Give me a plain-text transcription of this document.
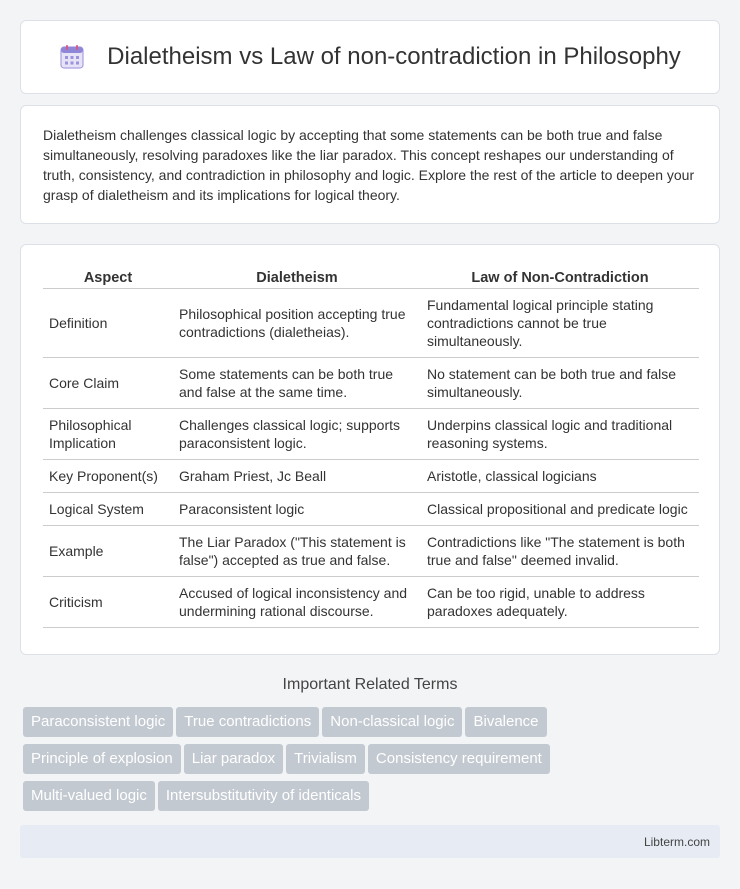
Dialetheism vs Law of non-contradiction in Philosophy

Dialetheism challenges classical logic by accepting that some statements can be both true and false simultaneously, resolving paradoxes like the liar paradox. This concept reshapes our understanding of truth, consistency, and contradiction in philosophy and logic. Explore the rest of the article to deepen your grasp of dialetheism and its implications for logical theory.

Aspect	Dialetheism	Law of Non-Contradiction
Definition	Philosophical position accepting true contradictions (dialetheias).	Fundamental logical principle stating contradictions cannot be true simultaneously.
Core Claim	Some statements can be both true and false at the same time.	No statement can be both true and false simultaneously.
Philosophical Implication	Challenges classical logic; supports paraconsistent logic.	Underpins classical logic and traditional reasoning systems.
Key Proponent(s)	Graham Priest, Jc Beall	Aristotle, classical logicians
Logical System	Paraconsistent logic	Classical propositional and predicate logic
Example	The Liar Paradox ("This statement is false") accepted as true and false.	Contradictions like "The statement is both true and false" deemed invalid.
Criticism	Accused of logical inconsistency and undermining rational discourse.	Can be too rigid, unable to address paradoxes adequately.
Important Related Terms
Paraconsistent logic True contradictions Non-classical logic Bivalence
Principle of explosion Liar paradox Trivialism Consistency requirement
Multi-valued logic Intersubstitutivity of identicals
Libterm.com
